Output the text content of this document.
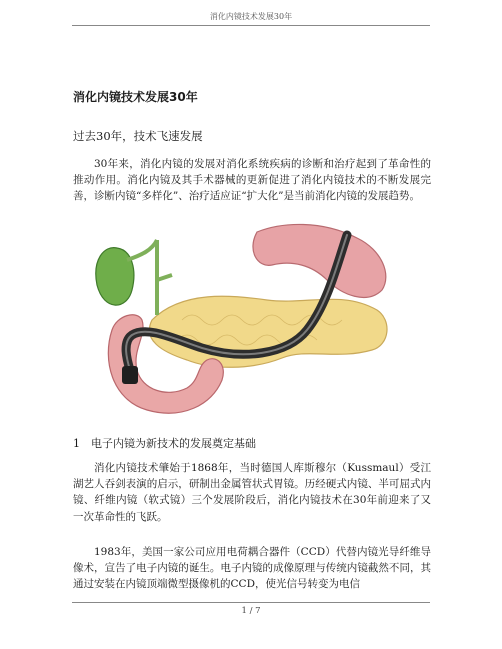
消化内镜技术发展30年
消化内镜技术发展30年
过去30年，技术飞速发展

30年来，消化内镜的发展对消化系统疾病的诊断和治疗起到了革命性的推动作用。消化内镜及其手术器械的更新促进了消化内镜技术的不断发展完善，诊断内镜“多样化”、治疗适应证“扩大化”是当前消化内镜的发展趋势。

1　电子内镜为新技术的发展奠定基础

消化内镜技术肇始于1868年，当时德国人库斯穆尔（Kussmaul）受江湖艺人吞剑表演的启示，研制出金属管状式胃镜。历经硬式内镜、半可屈式内镜、纤维内镜（软式镜）三个发展阶段后，消化内镜技术在30年前迎来了又一次革命性的飞跃。

1983年，美国一家公司应用电荷耦合器件（CCD）代替内镜光导纤维导像术，宣告了电子内镜的诞生。电子内镜的成像原理与传统内镜截然不同，其通过安装在内镜顶端微型摄像机的CCD，使光信号转变为电信

1 / 7
